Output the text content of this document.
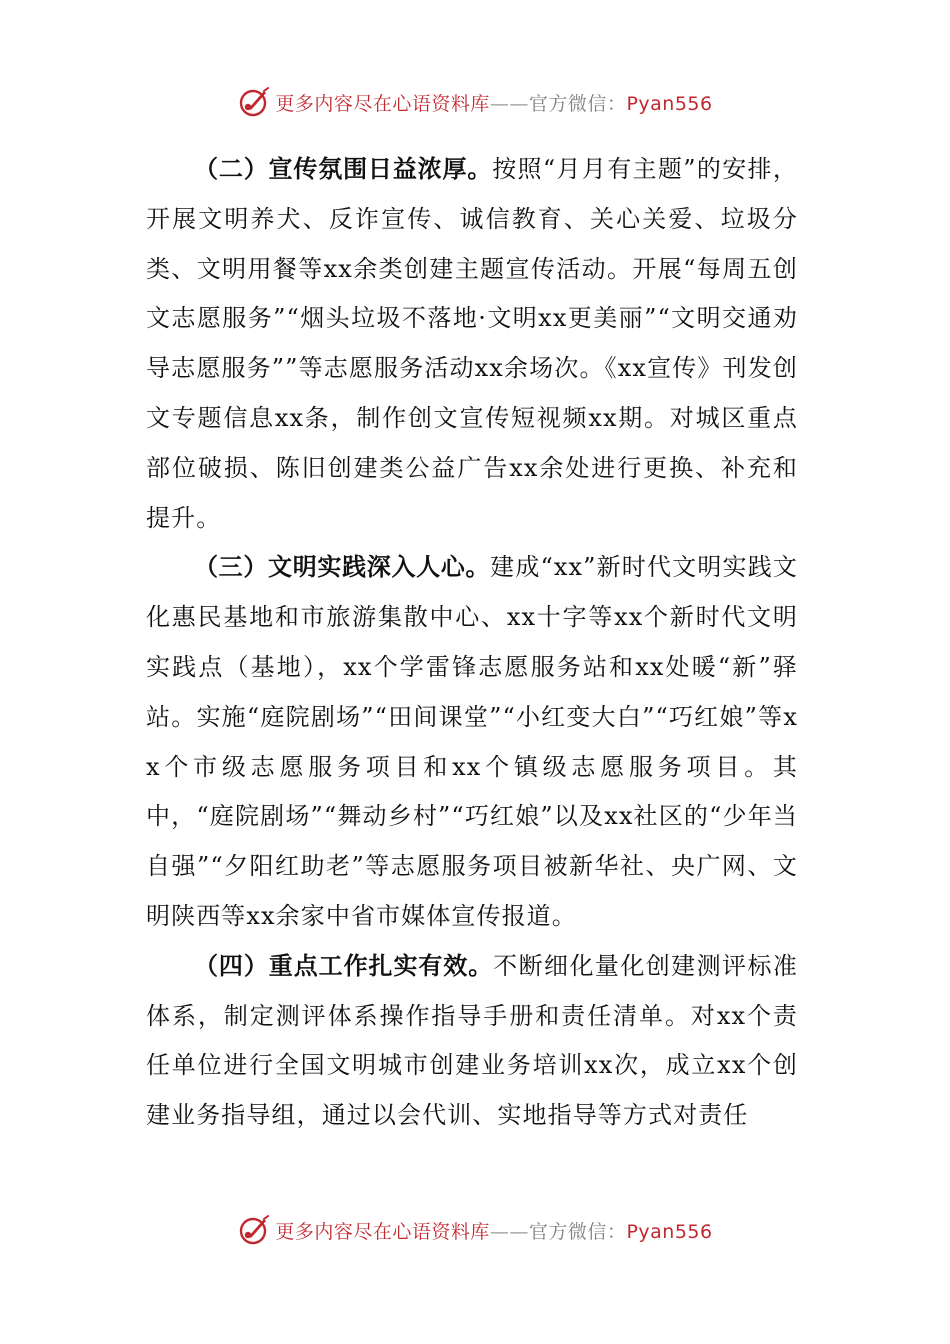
更多内容尽在心语资料库——官方微信：Pyan556

（二）宣传氛围日益浓厚。按照“月月有主题”的安排，开展文明养犬、反诈宣传、诚信教育、关心关爱、垃圾分类、文明用餐等xx余类创建主题宣传活动。开展“每周五创文志愿服务”“烟头垃圾不落地·文明xx更美丽”“文明交通劝导志愿服务””等志愿服务活动xx余场次。《xx宣传》刊发创文专题信息xx条，制作创文宣传短视频xx期。对城区重点部位破损、陈旧创建类公益广告xx余处进行更换、补充和提升。

（三）文明实践深入人心。建成“xx”新时代文明实践文化惠民基地和市旅游集散中心、xx十字等xx个新时代文明实践点（基地），xx个学雷锋志愿服务站和xx处暖“新”驿站。实施“庭院剧场”“田间课堂”“小红变大白”“巧红娘”等xx个市级志愿服务项目和xx个镇级志愿服务项目。其中，“庭院剧场”“舞动乡村”“巧红娘”以及xx社区的“少年当自强”“夕阳红助老”等志愿服务项目被新华社、央广网、文明陕西等xx余家中省市媒体宣传报道。

（四）重点工作扎实有效。不断细化量化创建测评标准体系，制定测评体系操作指导手册和责任清单。对xx个责任单位进行全国文明城市创建业务培训xx次，成立xx个创建业务指导组，通过以会代训、实地指导等方式对责任

更多内容尽在心语资料库——官方微信：Pyan556
